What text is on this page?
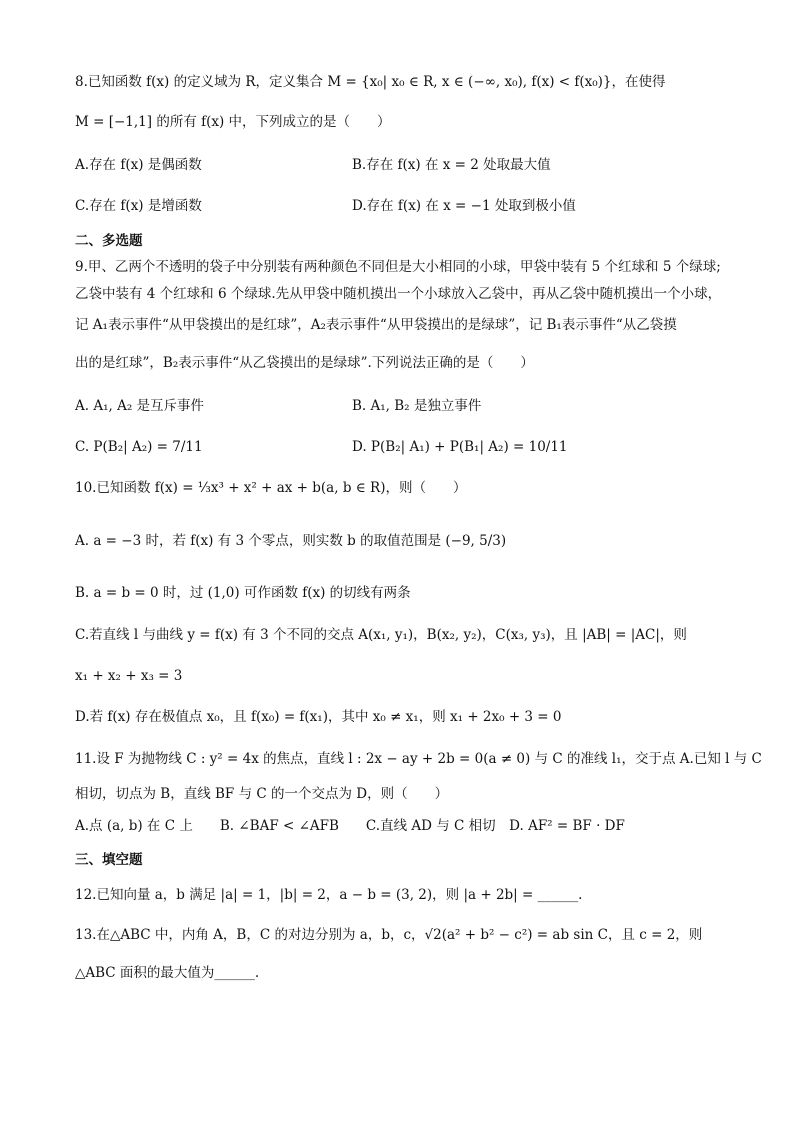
8.已知函数 f(x) 的定义域为 R，定义集合 M = {x₀| x₀ ∈ R, x ∈ (−∞, x₀), f(x) < f(x₀)}，在使得
M = [−1,1] 的所有 f(x) 中，下列成立的是（　　）
A.存在 f(x) 是偶函数	B.存在 f(x) 在 x = 2 处取最大值
C.存在 f(x) 是增函数	D.存在 f(x) 在 x = −1 处取到极小值
二、多选题
9.甲、乙两个不透明的袋子中分别装有两种颜色不同但是大小相同的小球，甲袋中装有 5 个红球和 5 个绿球;
乙袋中装有 4 个红球和 6 个绿球.先从甲袋中随机摸出一个小球放入乙袋中，再从乙袋中随机摸出一个小球，
记 A₁表示事件“从甲袋摸出的是红球”，A₂表示事件“从甲袋摸出的是绿球”，记 B₁表示事件“从乙袋摸
出的是红球”，B₂表示事件“从乙袋摸出的是绿球”.下列说法正确的是（　　）
A. A₁, A₂ 是互斥事件	B. A₁, B₂ 是独立事件
C. P(B₂| A₂) = 7/11	D. P(B₂| A₁) + P(B₁| A₂) = 10/11
10.已知函数 f(x) = ⅓x³ + x² + ax + b(a, b ∈ R)，则（　　）
A. a = −3 时，若 f(x) 有 3 个零点，则实数 b 的取值范围是 (−9, 5/3)
B. a = b = 0 时，过 (1,0) 可作函数 f(x) 的切线有两条
C.若直线 l 与曲线 y = f(x) 有 3 个不同的交点 A(x₁, y₁)，B(x₂, y₂)，C(x₃, y₃)，且 |AB| = |AC|，则
x₁ + x₂ + x₃ = 3
D.若 f(x) 存在极值点 x₀，且 f(x₀) = f(x₁)，其中 x₀ ≠ x₁，则 x₁ + 2x₀ + 3 = 0
11.设 F 为抛物线 C : y² = 4x 的焦点，直线 l : 2x − ay + 2b = 0(a ≠ 0) 与 C 的准线 l₁，交于点 A.已知 l 与 C
相切，切点为 B，直线 BF 与 C 的一个交点为 D，则（　　）
A.点 (a, b) 在 C 上　　B. ∠BAF < ∠AFB　　C.直线 AD 与 C 相切　D. AF² = BF · DF
三、填空题
12.已知向量 a，b 满足 |a| = 1，|b| = 2，a − b = (3, 2)，则 |a + 2b| = ______.
13.在△ABC 中，内角 A，B，C 的对边分别为 a，b，c，√2(a² + b² − c²) = ab sin C，且 c = 2，则
△ABC 面积的最大值为______.
